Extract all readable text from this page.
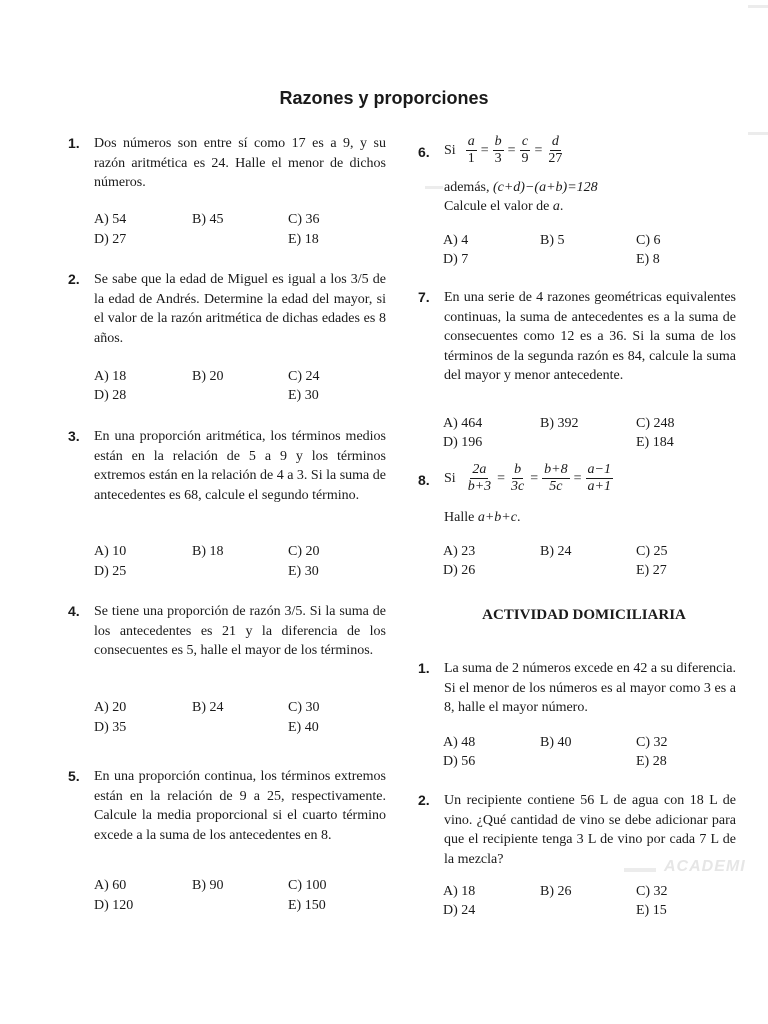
Razones y proporciones
ACADEMI
1. Dos números son entre sí como 17 es a 9, y su razón aritmética es 24. Halle el menor de dichos números.
A) 54	B) 45	C) 36
D) 27	E) 18
2. Se sabe que la edad de Miguel es igual a los 3/5 de la edad de Andrés. Determine la edad del mayor, si el valor de la razón aritmética de dichas edades es 8 años.
A) 18	B) 20	C) 24
D) 28	E) 30
3. En una proporción aritmética, los términos medios están en la relación de 5 a 9 y los términos extremos están en la relación de 4 a 3. Si la suma de antecedentes es 68, calcule el segundo término.
A) 10	B) 18	C) 20
D) 25	E) 30
4. Se tiene una proporción de razón 3/5. Si la suma de los antecedentes es 21 y la diferencia de los consecuentes es 5, halle el mayor de los términos.
A) 20	B) 24	C) 30
D) 35	E) 40
5. En una proporción continua, los términos extremos están en la relación de 9 a 25, respectivamente. Calcule la media proporcional si el cuarto término excede a la suma de los antecedentes en 8.
A) 60	B) 90	C) 100
D) 120	E) 150
6. Si $\frac{a}{1} = \frac{b}{3} = \frac{c}{9} = \frac{d}{27}$
además, (c+d)−(a+b)=128
Calcule el valor de a.
A) 4	B) 5	C) 6
D) 7	E) 8
7. En una serie de 4 razones geométricas equivalentes continuas, la suma de antecedentes es a la suma de consecuentes como 12 es a 36. Si la suma de los términos de la segunda razón es 84, calcule la suma del mayor y menor antecedente.
A) 464	B) 392	C) 248
D) 196	E) 184
8. Si $\frac{2a}{b+3} = \frac{b}{3c} = \frac{b+8}{5c} = \frac{a-1}{a+1}$
Halle a+b+c.
A) 23	B) 24	C) 25
D) 26	E) 27
ACTIVIDAD DOMICILIARIA
1. La suma de 2 números excede en 42 a su diferencia. Si el menor de los números es al mayor como 3 es a 8, halle el mayor número.
A) 48	B) 40	C) 32
D) 56	E) 28
2. Un recipiente contiene 56 L de agua con 18 L de vino. ¿Qué cantidad de vino se debe adicionar para que el recipiente tenga 3 L de vino por cada 7 L de la mezcla?
A) 18	B) 26	C) 32
D) 24	E) 15
